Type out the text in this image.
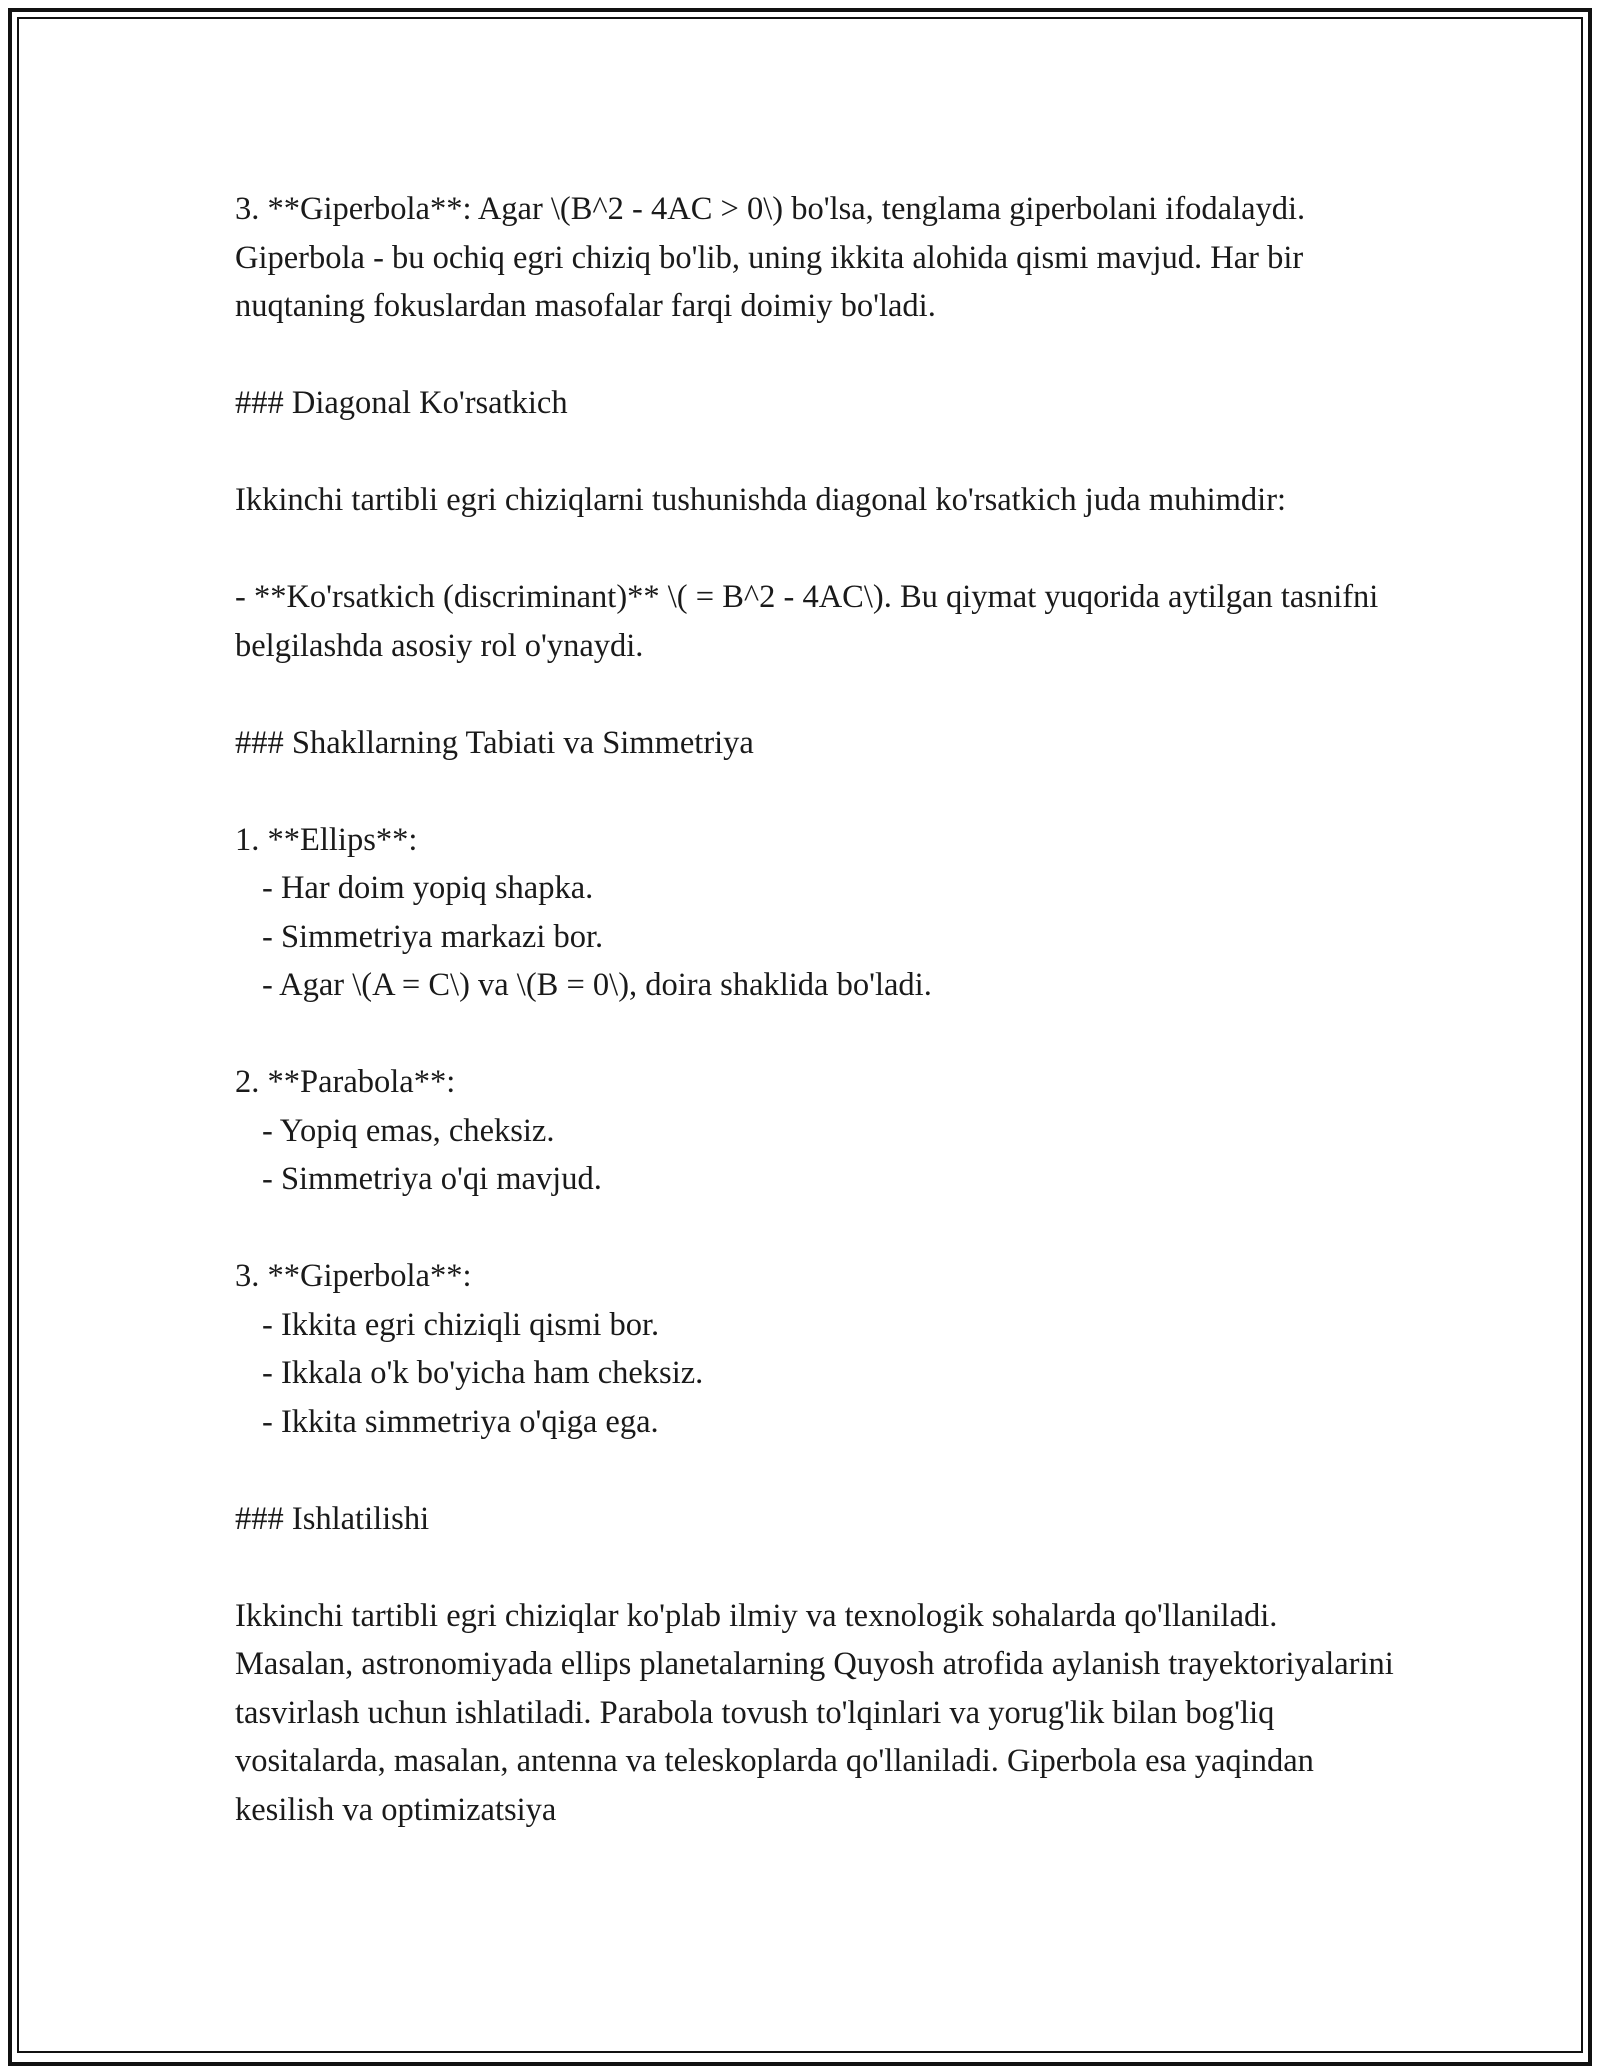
3. **Giperbola**: Agar \(B^2 - 4AC > 0\) bo'lsa, tenglama giperbolani ifodalaydi. Giperbola - bu ochiq egri chiziq bo'lib, uning ikkita alohida qismi mavjud. Har bir nuqtaning fokuslardan masofalar farqi doimiy bo'ladi.

### Diagonal Ko'rsatkich

Ikkinchi tartibli egri chiziqlarni tushunishda diagonal ko'rsatkich juda muhimdir:

- **Ko'rsatkich (discriminant)** \( = B^2 - 4AC\). Bu qiymat yuqorida aytilgan tasnifni belgilashda asosiy rol o'ynaydi.

### Shakllarning Tabiati va Simmetriya

1. **Ellips**:

- Har doim yopiq shapka.

- Simmetriya markazi bor.

- Agar \(A = C\) va \(B = 0\), doira shaklida bo'ladi.

2. **Parabola**:

- Yopiq emas, cheksiz.

- Simmetriya o'qi mavjud.

3. **Giperbola**:

- Ikkita egri chiziqli qismi bor.

- Ikkala o'k bo'yicha ham cheksiz.

- Ikkita simmetriya o'qiga ega.

### Ishlatilishi

Ikkinchi tartibli egri chiziqlar ko'plab ilmiy va texnologik sohalarda qo'llaniladi. Masalan, astronomiyada ellips planetalarning Quyosh atrofida aylanish trayektoriyalarini tasvirlash uchun ishlatiladi. Parabola tovush to'lqinlari va yorug'lik bilan bog'liq vositalarda, masalan, antenna va teleskoplarda qo'llaniladi. Giperbola esa yaqindan kesilish va optimizatsiya
